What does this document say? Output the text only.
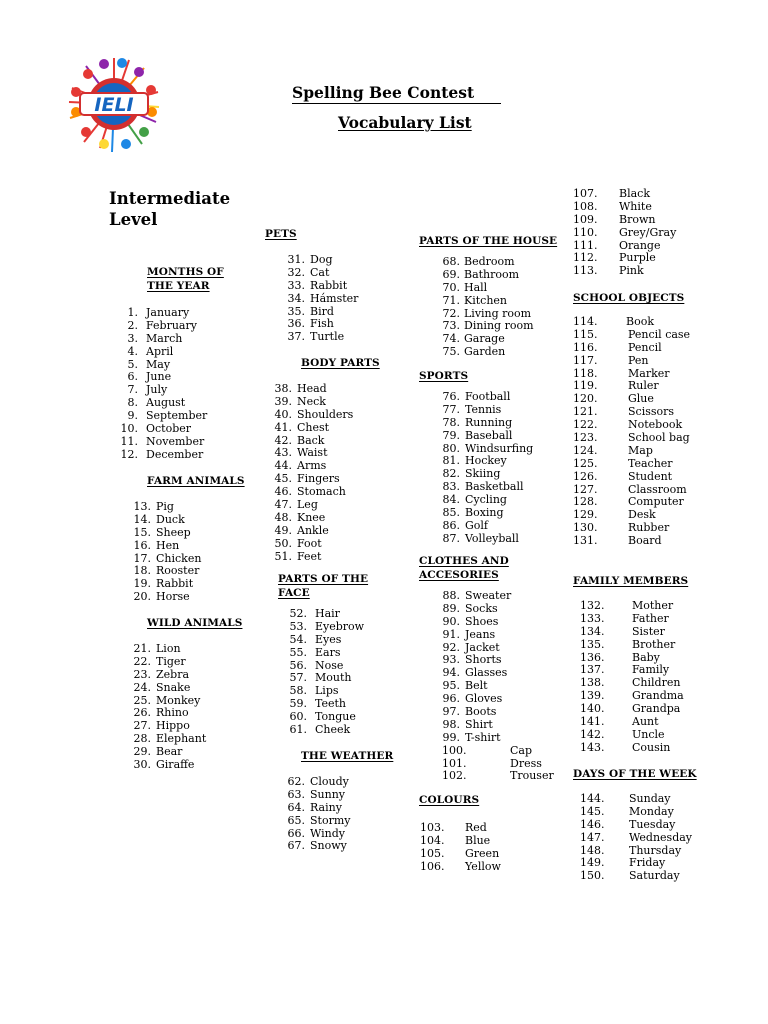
IELI
Spelling Bee Contest
Vocabulary List
Intermediate
Level
MONTHS OF
THE YEAR
1. January
2. February
3. March
4. April
5. May
6. June
7. July
8. August
9. September
10. October
11. November
12. December
FARM ANIMALS
13. Pig
14. Duck
15. Sheep
16. Hen
17. Chicken
18. Rooster
19. Rabbit
20. Horse
WILD ANIMALS
21. Lion
22. Tiger
23. Zebra
24. Snake
25. Monkey
26. Rhino
27. Hippo
28. Elephant
29. Bear
30. Giraffe
PETS
31. Dog
32. Cat
33. Rabbit
34. Hámster
35. Bird
36. Fish
37. Turtle
BODY PARTS
38. Head
39. Neck
40. Shoulders
41. Chest
42. Back
43. Waist
44. Arms
45. Fingers
46. Stomach
47. Leg
48. Knee
49. Ankle
50. Foot
51. Feet
PARTS OF THE
FACE
52. Hair
53. Eyebrow
54. Eyes
55. Ears
56. Nose
57. Mouth
58. Lips
59. Teeth
60. Tongue
61. Cheek
THE WEATHER
62. Cloudy
63. Sunny
64. Rainy
65. Stormy
66. Windy
67. Snowy
PARTS OF THE HOUSE
68. Bedroom
69. Bathroom
70. Hall
71. Kitchen
72. Living room
73. Dining room
74. Garage
75. Garden
SPORTS
76. Football
77. Tennis
78. Running
79. Baseball
80. Windsurfing
81. Hockey
82. Skiing
83. Basketball
84. Cycling
85. Boxing
86. Golf
87. Volleyball
CLOTHES AND
ACCESORIES
88. Sweater
89. Socks
90. Shoes
91. Jeans
92. Jacket
93. Shorts
94. Glasses
95. Belt
96. Gloves
97. Boots
98. Shirt
99. T-shirt
100.	Cap
101.	Dress
102.	Trouser
COLOURS
103. Red
104. Blue
105. Green
106. Yellow
107. Black
108. White
109. Brown
110. Grey/Gray
111. Orange
112. Purple
113. Pink
SCHOOL OBJECTS
114.	Book
115.	Pencil case
116.	Pencil
117.	Pen
118.	Marker
119.	Ruler
120.	Glue
121.	Scissors
122.	Notebook
123.	School bag
124.	Map
125.	Teacher
126.	Student
127.	Classroom
128.	Computer
129.	Desk
130.	Rubber
131.	Board
FAMILY MEMBERS
132.	Mother
133.	Father
134.	Sister
135.	Brother
136.	Baby
137.	Family
138.	Children
139.	Grandma
140.	Grandpa
141.	Aunt
142.	Uncle
143.	Cousin
DAYS OF THE WEEK
144. Sunday
145. Monday
146. Tuesday
147. Wednesday
148. Thursday
149. Friday
150. Saturday
